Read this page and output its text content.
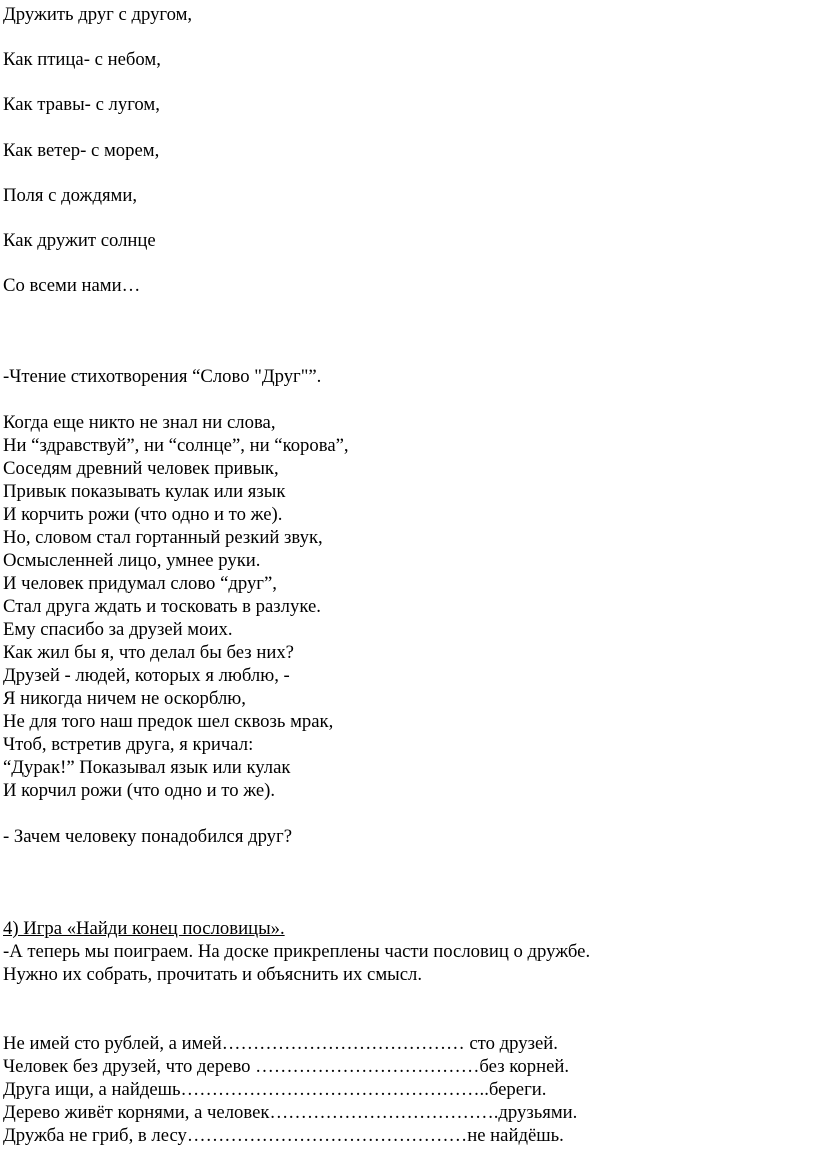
Дружить друг с другом,
Как птица- с небом,
Как травы- с лугом,
Как ветер- с морем,
Поля с дождями,
Как дружит солнце
Со всеми нами…
-Чтение стихотворения “Слово "Друг"”.
Когда еще никто не знал ни слова,
Ни “здравствуй”, ни “солнце”, ни “корова”,
Соседям древний человек привык,
Привык показывать кулак или язык
И корчить рожи (что одно и то же).
Но, словом стал гортанный резкий звук,
Осмысленней лицо, умнее руки.
И человек придумал слово “друг”,
Стал друга ждать и тосковать в разлуке.
Ему спасибо за друзей моих.
Как жил бы я, что делал бы без них?
Друзей - людей, которых я люблю, -
Я никогда ничем не оскорблю,
Не для того наш предок шел сквозь мрак,
Чтоб, встретив друга, я кричал:
“Дурак!” Показывал язык или кулак
И корчил рожи (что одно и то же).
- Зачем человеку понадобился друг?
4) Игра «Найди конец пословицы».
-А теперь мы поиграем. На доске прикреплены части пословиц о дружбе.
Нужно их собрать, прочитать и объяснить их смысл.
Не имей сто рублей, а имей………………………………… сто друзей.
Человек без друзей, что дерево ………………………………без корней.
Друга ищи, а найдешь…………………………………………..береги.
Дерево живёт корнями, а человек……………………………….друзьями.
Дружба не гриб, в лесу………………………………………не найдёшь.
